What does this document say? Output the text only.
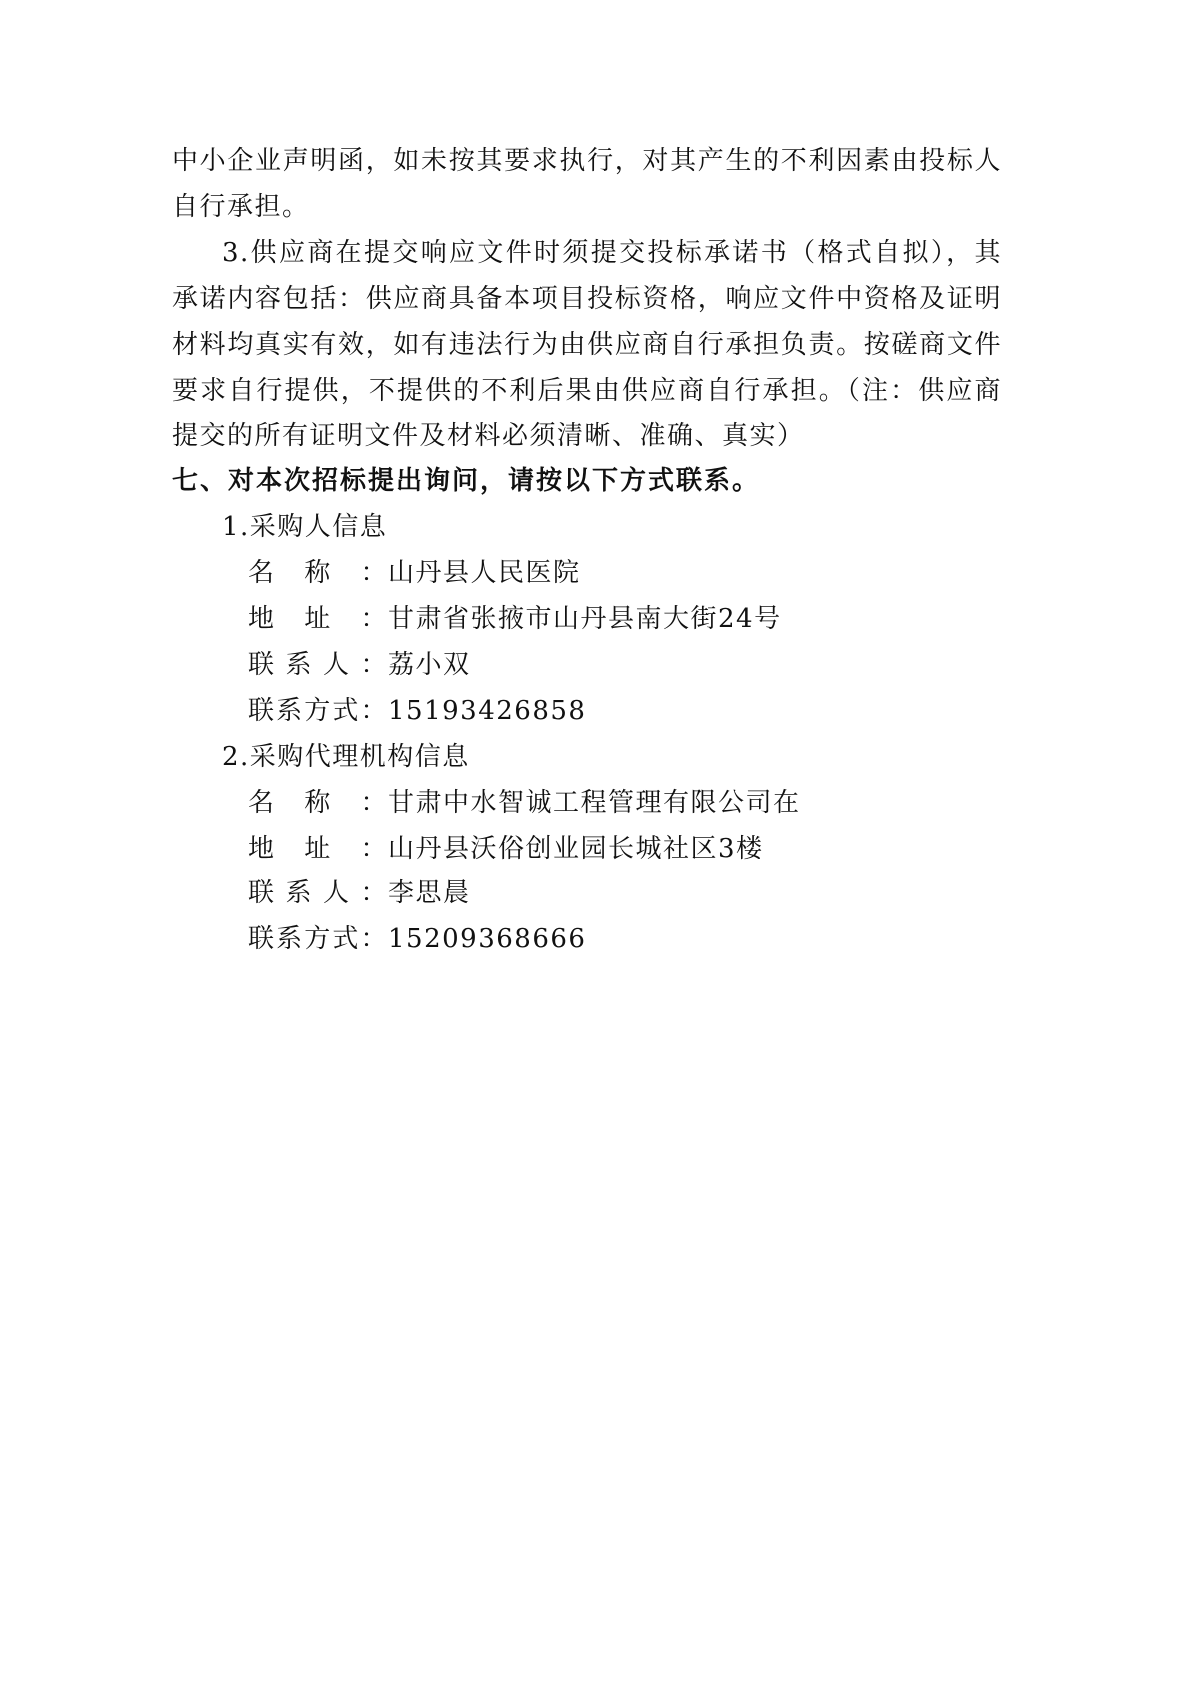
中小企业声明函，如未按其要求执行，对其产生的不利因素由投标人
自行承担。
3.供应商在提交响应文件时须提交投标承诺书（格式自拟），其
承诺内容包括：供应商具备本项目投标资格，响应文件中资格及证明
材料均真实有效，如有违法行为由供应商自行承担负责。按磋商文件
要求自行提供，不提供的不利后果由供应商自行承担。（注：供应商
提交的所有证明文件及材料必须清晰、准确、真实）
七、对本次招标提出询问，请按以下方式联系。
1.采购人信息
名称：山丹县人民医院
地址：甘肃省张掖市山丹县南大街24号
联系人：荔小双
联系方式：15193426858
2.采购代理机构信息
名称：甘肃中水智诚工程管理有限公司在
地址：山丹县沃俗创业园长城社区3楼
联系人：李思晨
联系方式：15209368666
